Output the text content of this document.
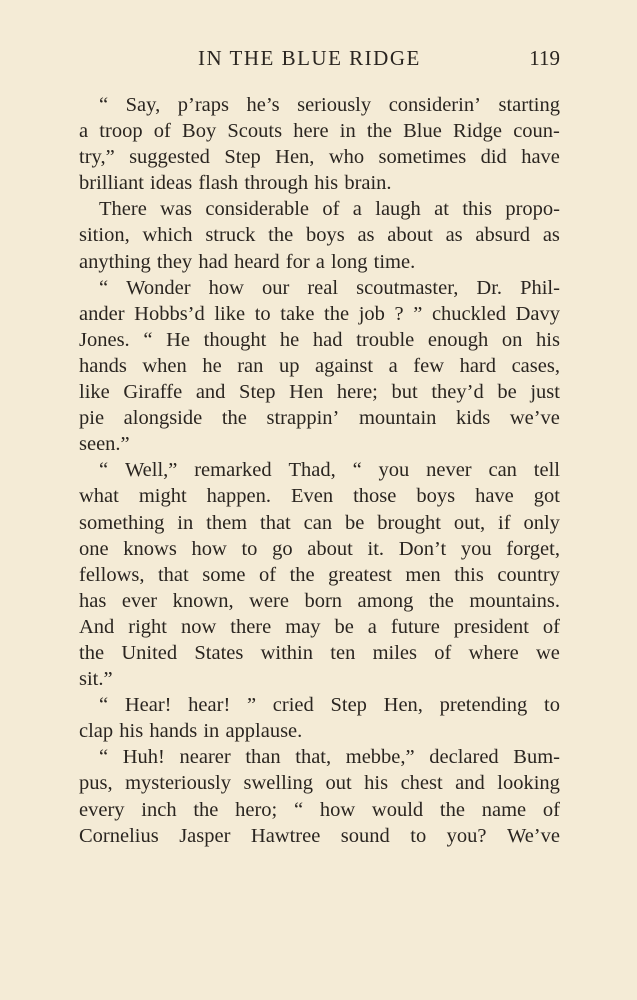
IN THE BLUE RIDGE	119
“ Say, p’raps he’s seriously considerin’ starting
a troop of Boy Scouts here in the Blue Ridge coun-
try,” suggested Step Hen, who sometimes did have
brilliant ideas flash through his brain.
There was considerable of a laugh at this propo-
sition, which struck the boys as about as absurd as
anything they had heard for a long time.
“ Wonder how our real scoutmaster, Dr. Phil-
ander Hobbs’d like to take the job ? ” chuckled Davy
Jones. “ He thought he had trouble enough on his
hands when he ran up against a few hard cases,
like Giraffe and Step Hen here; but they’d be just
pie alongside the strappin’ mountain kids we’ve
seen.”
“ Well,” remarked Thad, “ you never can tell
what might happen. Even those boys have got
something in them that can be brought out, if only
one knows how to go about it. Don’t you forget,
fellows, that some of the greatest men this country
has ever known, were born among the mountains.
And right now there may be a future president of
the United States within ten miles of where we
sit.”
“ Hear! hear! ” cried Step Hen, pretending to
clap his hands in applause.
“ Huh! nearer than that, mebbe,” declared Bum-
pus, mysteriously swelling out his chest and looking
every inch the hero; “ how would the name of
Cornelius Jasper Hawtree sound to you? We’ve
